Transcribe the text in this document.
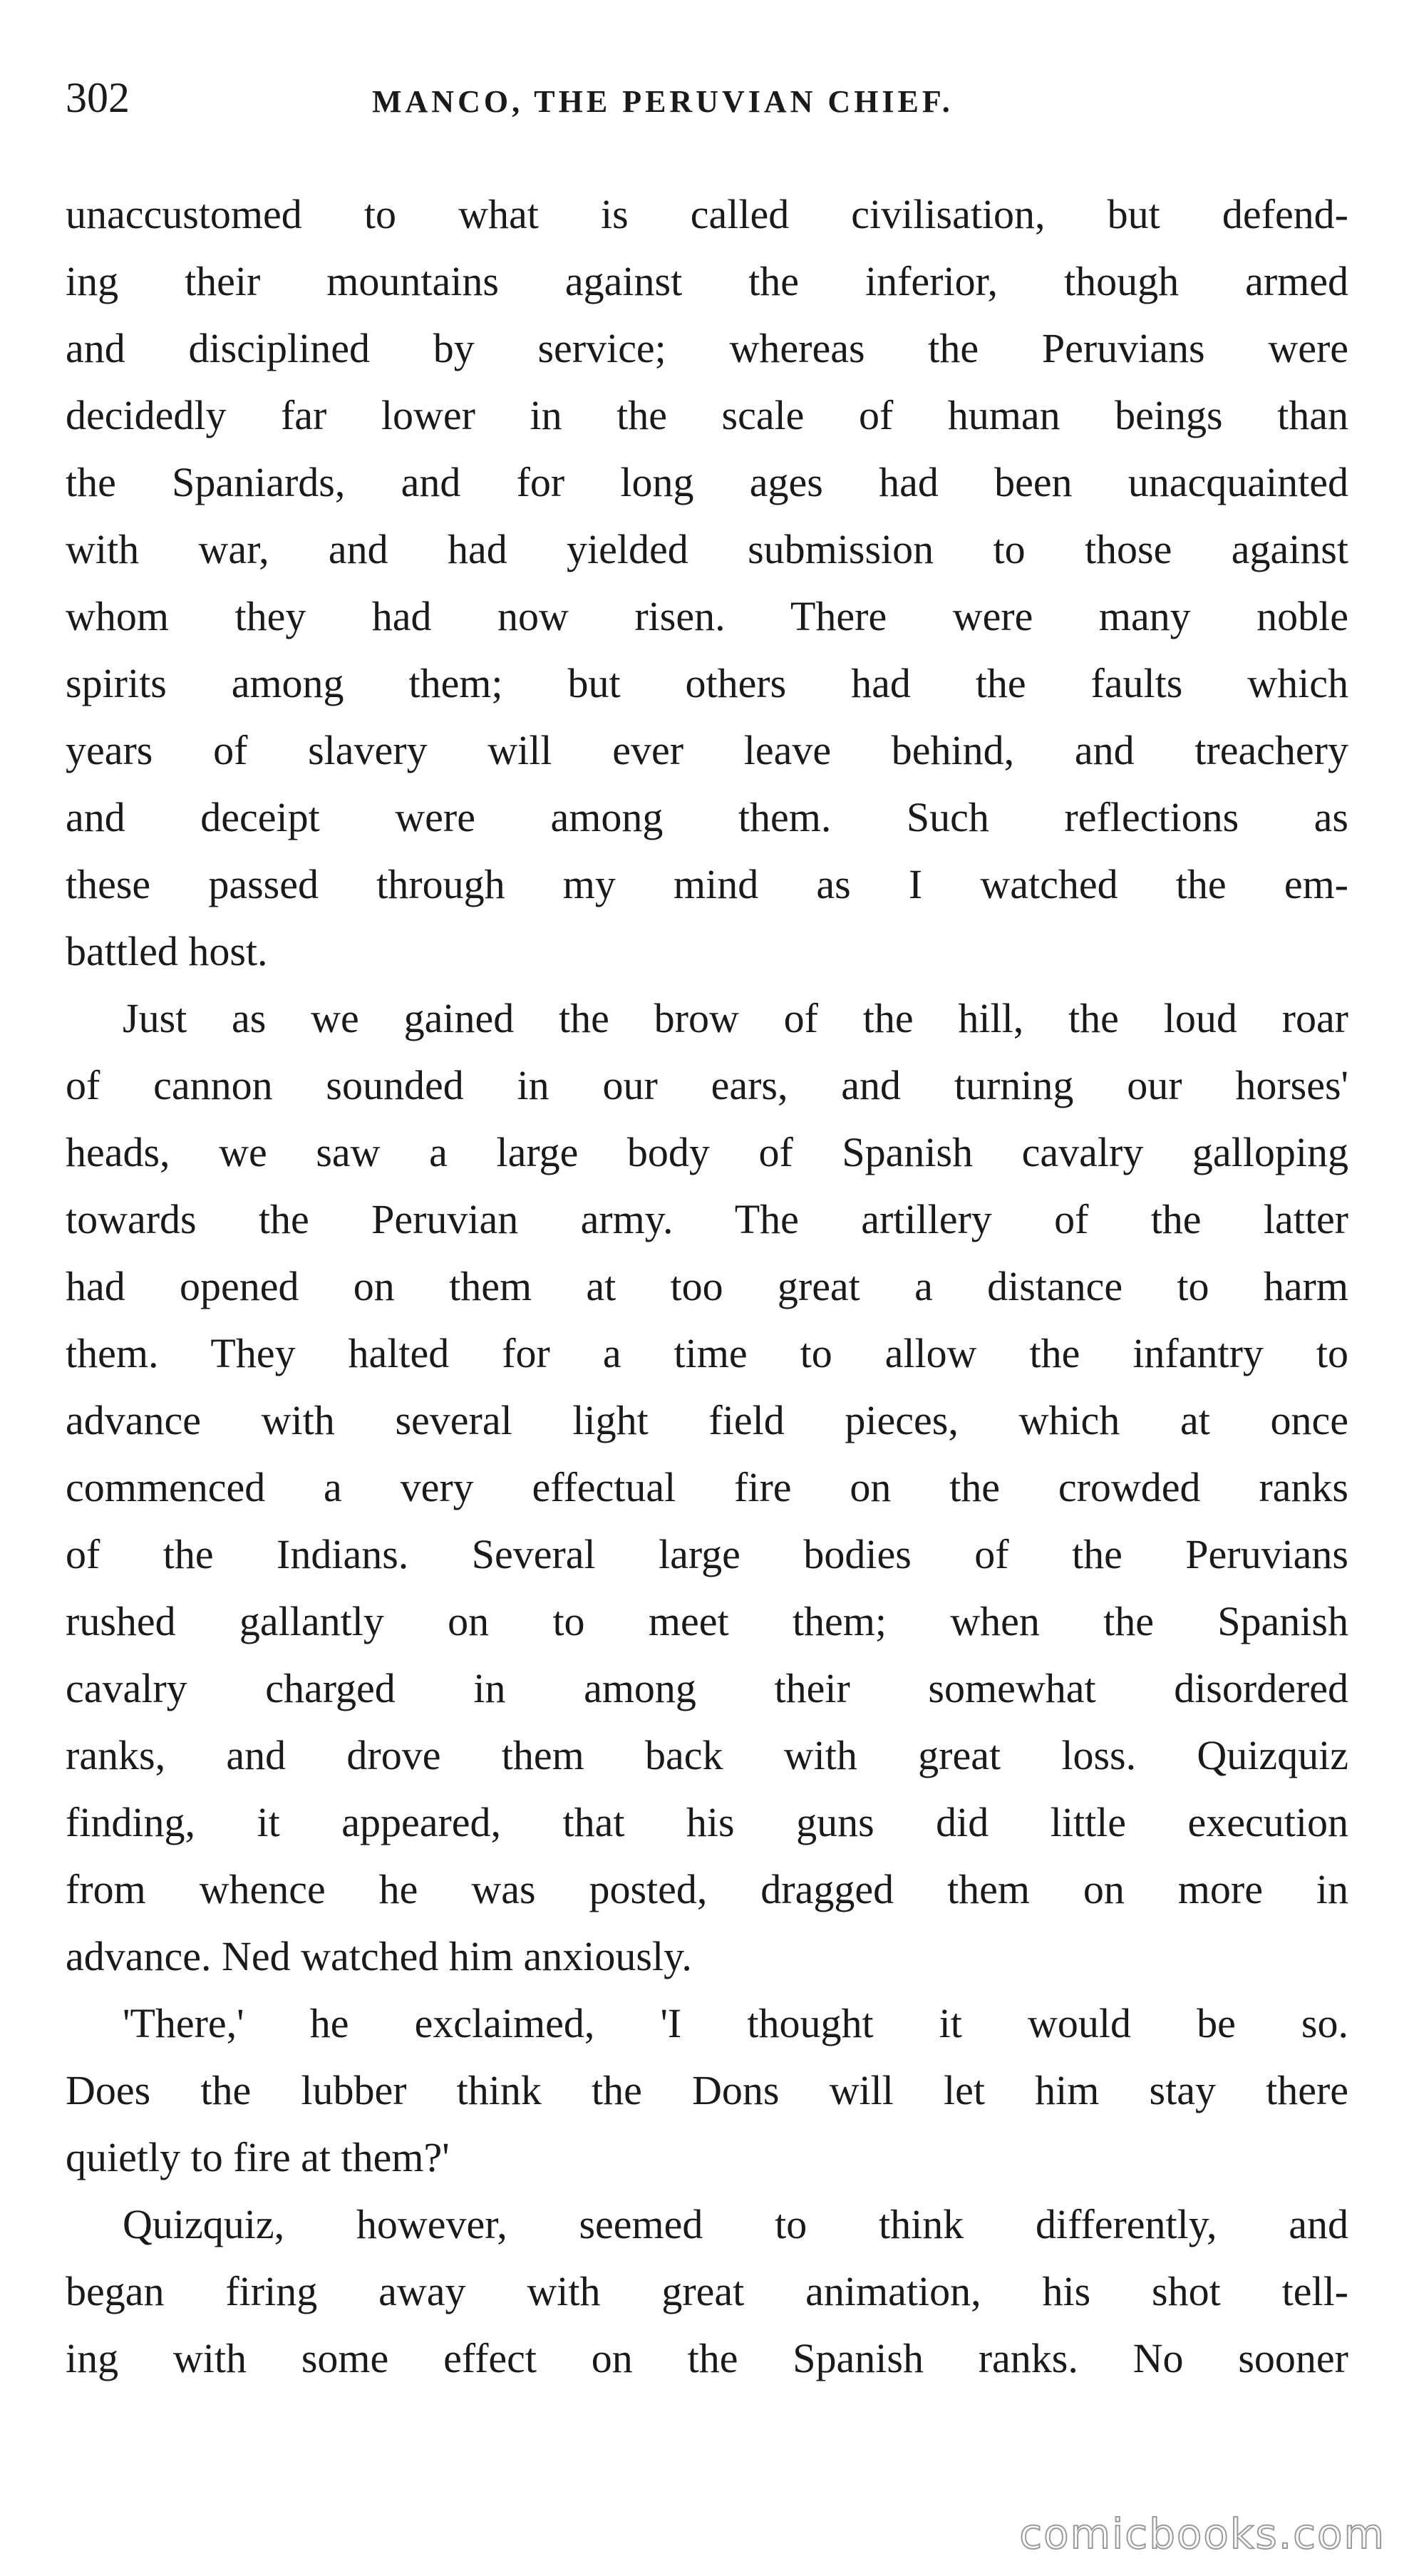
302	MANCO, THE PERUVIAN CHIEF.
unaccustomed to what is called civilisation, but defend-
ing their mountains against the inferior, though armed
and disciplined by service; whereas the Peruvians were
decidedly far lower in the scale of human beings than
the Spaniards, and for long ages had been unacquainted
with war, and had yielded submission to those against
whom they had now risen. There were many noble
spirits among them; but others had the faults which
years of slavery will ever leave behind, and treachery
and deceipt were among them. Such reflections as
these passed through my mind as I watched the em-
battled host.
Just as we gained the brow of the hill, the loud roar
of cannon sounded in our ears, and turning our horses'
heads, we saw a large body of Spanish cavalry galloping
towards the Peruvian army. The artillery of the latter
had opened on them at too great a distance to harm
them. They halted for a time to allow the infantry to
advance with several light field pieces, which at once
commenced a very effectual fire on the crowded ranks
of the Indians. Several large bodies of the Peruvians
rushed gallantly on to meet them; when the Spanish
cavalry charged in among their somewhat disordered
ranks, and drove them back with great loss. Quizquiz
finding, it appeared, that his guns did little execution
from whence he was posted, dragged them on more in
advance. Ned watched him anxiously.
'There,' he exclaimed, 'I thought it would be so.
Does the lubber think the Dons will let him stay there
quietly to fire at them?'
Quizquiz, however, seemed to think differently, and
began firing away with great animation, his shot tell-
ing with some effect on the Spanish ranks. No sooner
comicbooks.com
